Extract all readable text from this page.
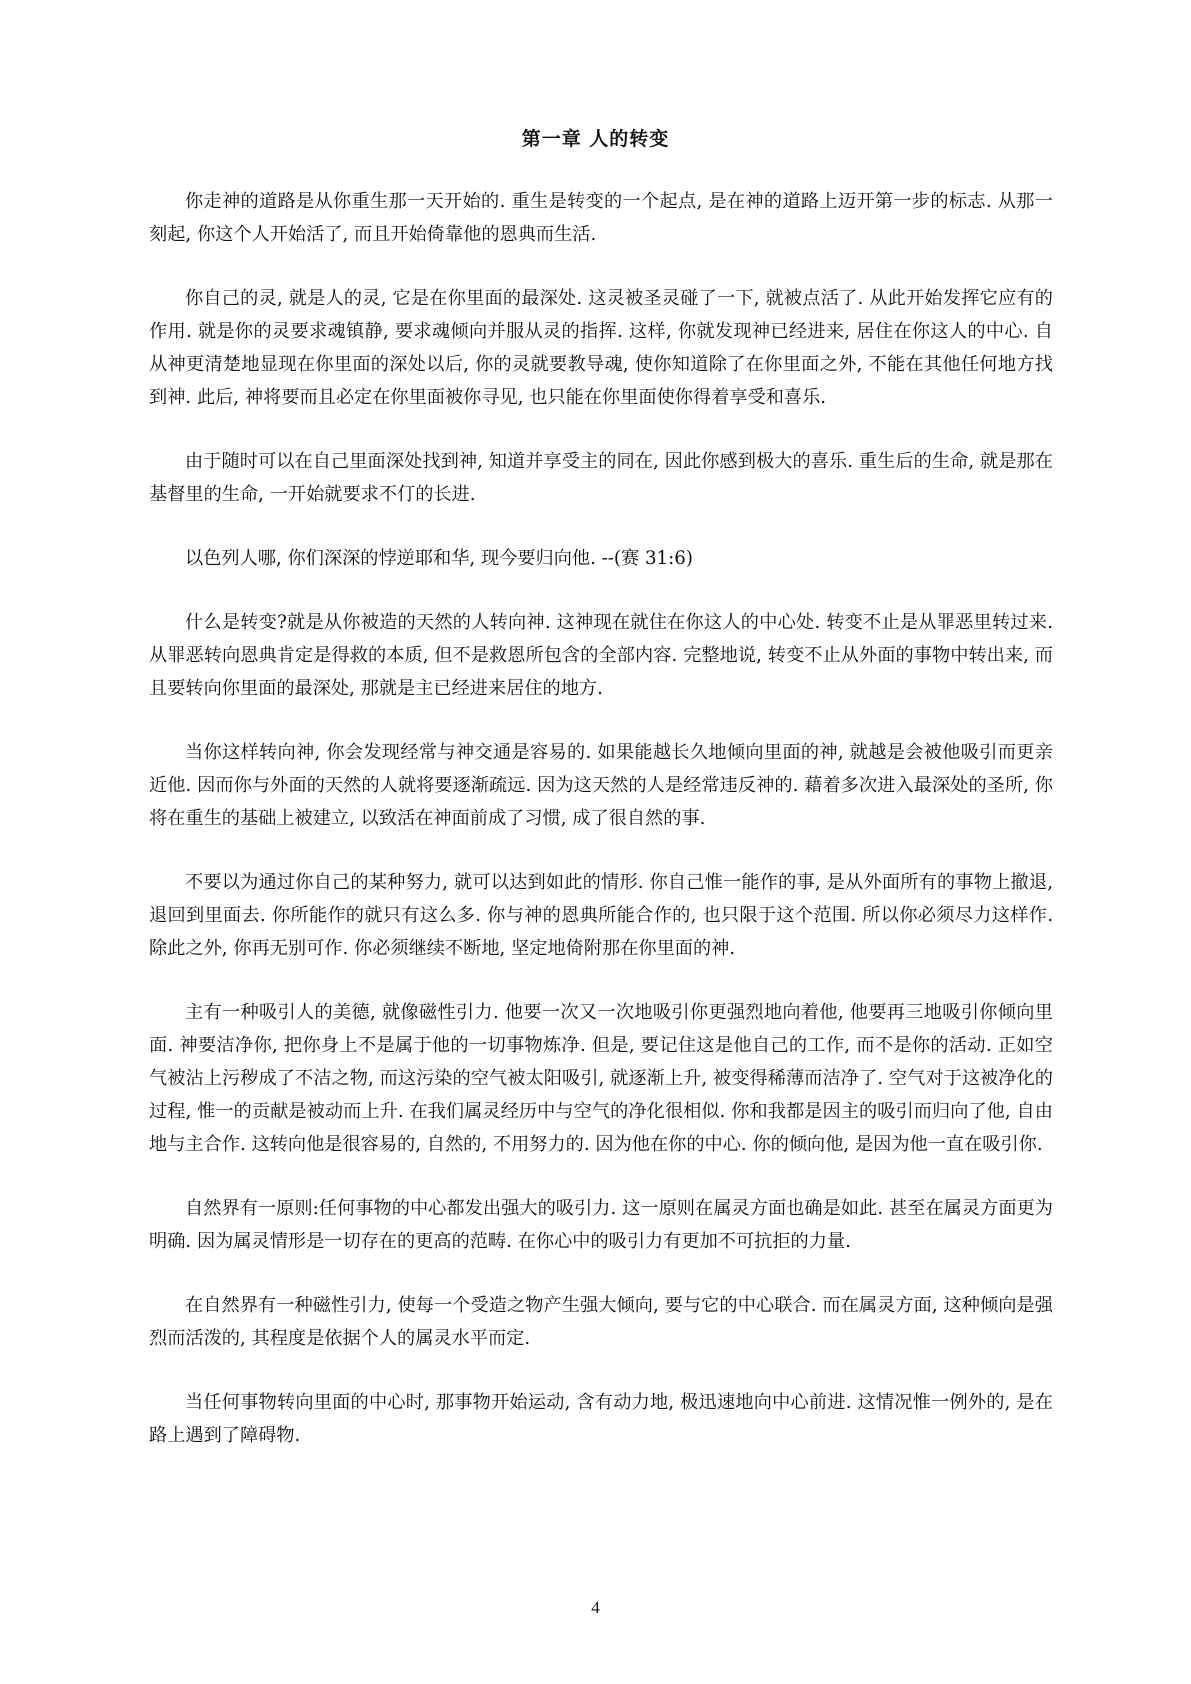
第一章 人的转变

你走神的道路是从你重生那一天开始的. 重生是转变的一个起点, 是在神的道路上迈开第一步的标志. 从那一刻起, 你这个人开始活了, 而且开始倚靠他的恩典而生活.

你自己的灵, 就是人的灵, 它是在你里面的最深处. 这灵被圣灵碰了一下, 就被点活了. 从此开始发挥它应有的作用. 就是你的灵要求魂镇静, 要求魂倾向并服从灵的指挥. 这样, 你就发现神已经进来, 居住在你这人的中心. 自从神更清楚地显现在你里面的深处以后, 你的灵就要教导魂, 使你知道除了在你里面之外, 不能在其他任何地方找到神. 此后, 神将要而且必定在你里面被你寻见, 也只能在你里面使你得着享受和喜乐.

由于随时可以在自己里面深处找到神, 知道并享受主的同在, 因此你感到极大的喜乐. 重生后的生命, 就是那在基督里的生命, 一开始就要求不仃的长进.

以色列人哪, 你们深深的悖逆耶和华, 现今要归向他. --(赛 31:6)

什么是转变?就是从你被造的天然的人转向神. 这神现在就住在你这人的中心处. 转变不止是从罪恶里转过来. 从罪恶转向恩典肯定是得救的本质, 但不是救恩所包含的全部内容. 完整地说, 转变不止从外面的事物中转出来, 而且要转向你里面的最深处, 那就是主已经进来居住的地方.

当你这样转向神, 你会发现经常与神交通是容易的. 如果能越长久地倾向里面的神, 就越是会被他吸引而更亲近他. 因而你与外面的天然的人就将要逐渐疏远. 因为这天然的人是经常违反神的. 藉着多次进入最深处的圣所, 你将在重生的基础上被建立, 以致活在神面前成了习惯, 成了很自然的事.

不要以为通过你自己的某种努力, 就可以达到如此的情形. 你自己惟一能作的事, 是从外面所有的事物上撤退, 退回到里面去. 你所能作的就只有这么多. 你与神的恩典所能合作的, 也只限于这个范围. 所以你必须尽力这样作. 除此之外, 你再无别可作. 你必须继续不断地, 坚定地倚附那在你里面的神.

主有一种吸引人的美德, 就像磁性引力. 他要一次又一次地吸引你更强烈地向着他, 他要再三地吸引你倾向里面. 神要洁净你, 把你身上不是属于他的一切事物炼净. 但是, 要记住这是他自己的工作, 而不是你的活动. 正如空气被沾上污秽成了不洁之物, 而这污染的空气被太阳吸引, 就逐渐上升, 被变得稀薄而洁净了. 空气对于这被净化的过程, 惟一的贡献是被动而上升. 在我们属灵经历中与空气的净化很相似. 你和我都是因主的吸引而归向了他, 自由地与主合作. 这转向他是很容易的, 自然的, 不用努力的. 因为他在你的中心. 你的倾向他, 是因为他一直在吸引你.

自然界有一原则:任何事物的中心都发出强大的吸引力. 这一原则在属灵方面也确是如此. 甚至在属灵方面更为明确. 因为属灵情形是一切存在的更高的范畴. 在你心中的吸引力有更加不可抗拒的力量.

在自然界有一种磁性引力, 使每一个受造之物产生强大倾向, 要与它的中心联合. 而在属灵方面, 这种倾向是强烈而活泼的, 其程度是依据个人的属灵水平而定.

当任何事物转向里面的中心时, 那事物开始运动, 含有动力地, 极迅速地向中心前进. 这情况惟一例外的, 是在路上遇到了障碍物.

4
